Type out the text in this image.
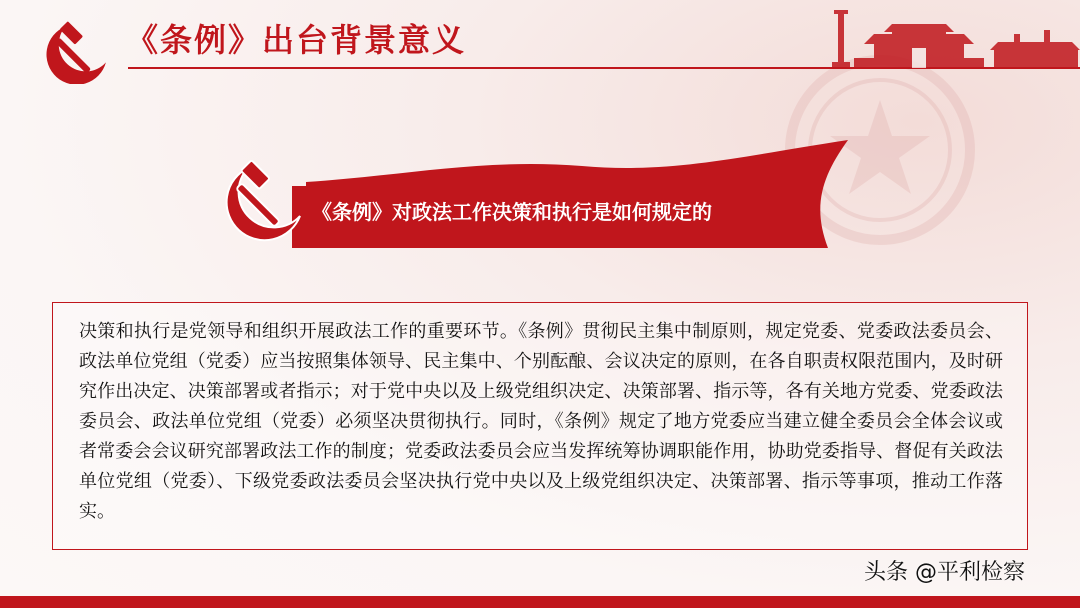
《条例》出台背景意义
《条例》对政法工作决策和执行是如何规定的

决策和执行是党领导和组织开展政法工作的重要环节。《条例》贯彻民主集中制原则，规定党委、党委政法委员会、政法单位党组（党委）应当按照集体领导、民主集中、个别酝酿、会议决定的原则，在各自职责权限范围内，及时研究作出决定、决策部署或者指示；对于党中央以及上级党组织决定、决策部署、指示等，各有关地方党委、党委政法委员会、政法单位党组（党委）必须坚决贯彻执行。同时，《条例》规定了地方党委应当建立健全委员会全体会议或者常委会会议研究部署政法工作的制度；党委政法委员会应当发挥统筹协调职能作用，协助党委指导、督促有关政法单位党组（党委）、下级党委政法委员会坚决执行党中央以及上级党组织决定、决策部署、指示等事项，推动工作落实。

头条 @平利检察
